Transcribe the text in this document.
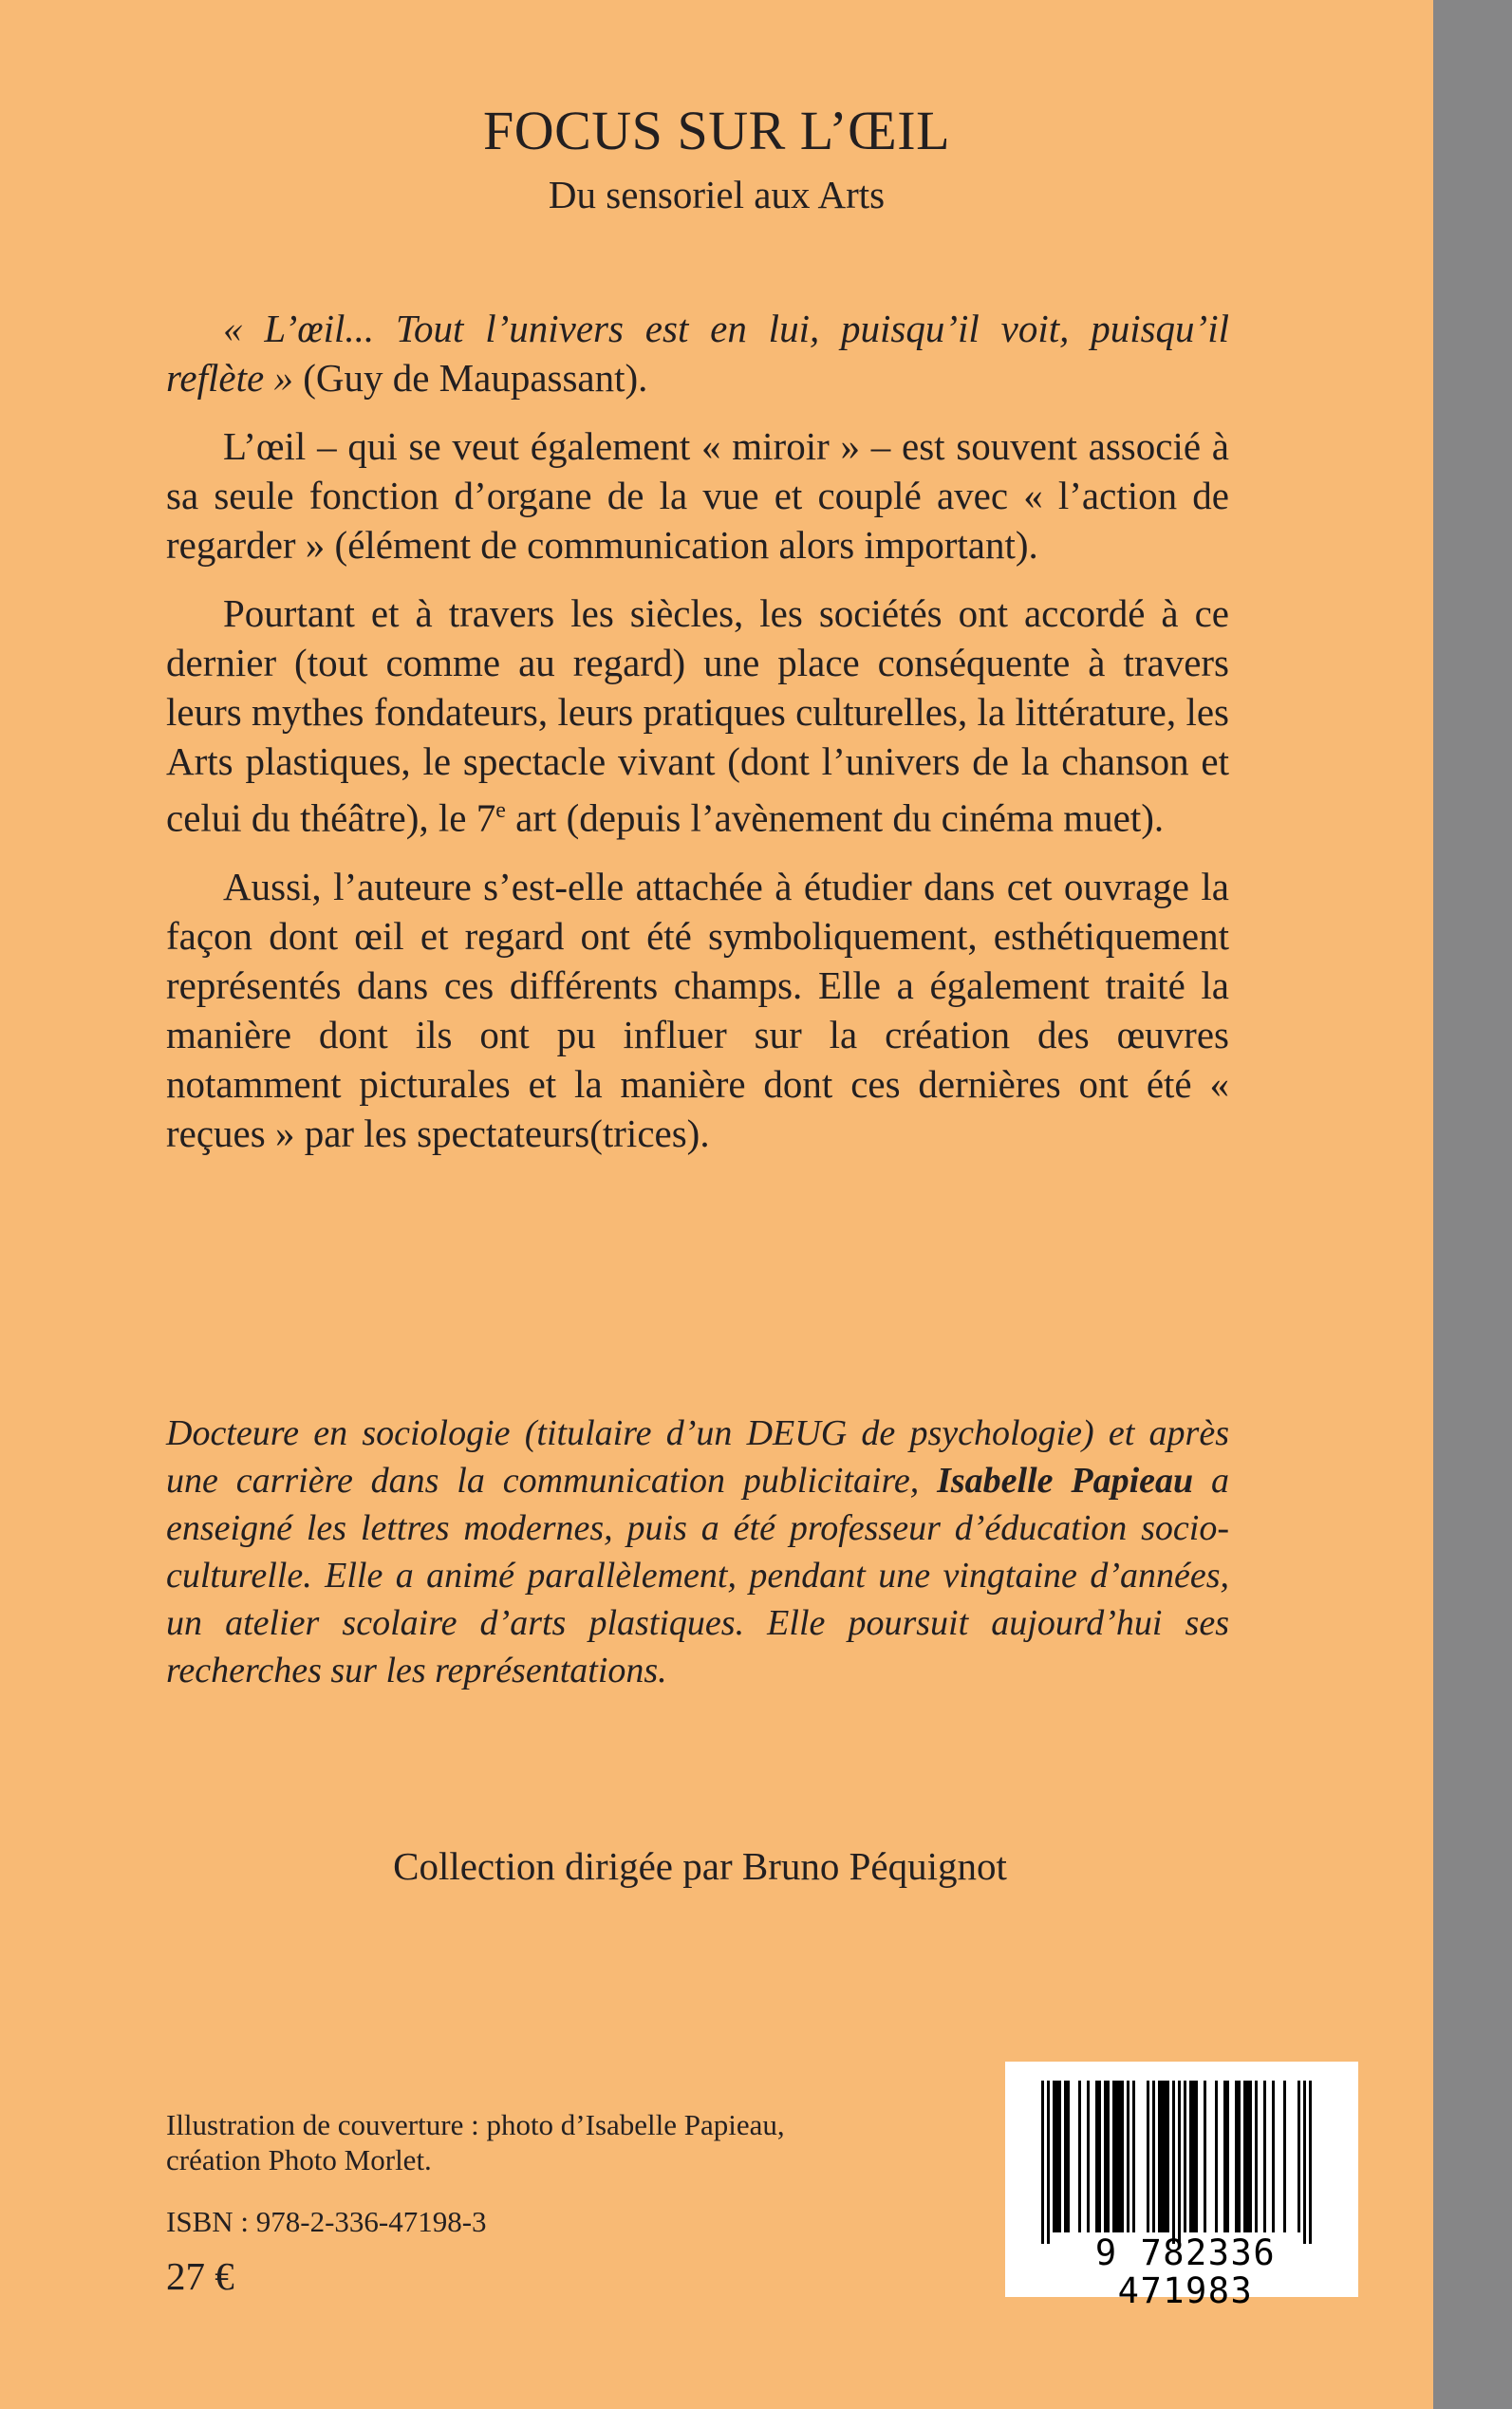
FOCUS SUR L’ŒIL
Du sensoriel aux Arts

« L’œil... Tout l’univers est en lui, puisqu’il voit, puisqu’il reflète » (Guy de Maupassant).

L’œil – qui se veut également « miroir » – est souvent associé à sa seule fonction d’organe de la vue et couplé avec « l’action de regarder » (élément de communication alors important).

Pourtant et à travers les siècles, les sociétés ont accordé à ce dernier (tout comme au regard) une place conséquente à travers leurs mythes fondateurs, leurs pratiques culturelles, la littérature, les Arts plastiques, le spectacle vivant (dont l’univers de la chanson et celui du théâtre), le 7e art (depuis l’avènement du cinéma muet).

Aussi, l’auteure s’est-elle attachée à étudier dans cet ouvrage la façon dont œil et regard ont été symboliquement, esthétiquement représentés dans ces différents champs. Elle a également traité la manière dont ils ont pu influer sur la création des œuvres notamment picturales et la manière dont ces dernières ont été « reçues » par les spectateurs(trices).

Docteure en sociologie (titulaire d’un DEUG de psychologie) et après une carrière dans la communication publicitaire, Isabelle Papieau a enseigné les lettres modernes, puis a été professeur d’éducation socio-culturelle. Elle a animé parallèlement, pendant une vingtaine d’années, un atelier scolaire d’arts plastiques. Elle poursuit aujourd’hui ses recherches sur les représentations.
Collection dirigée par Bruno Péquignot
Illustration de couverture : photo d’Isabelle Papieau,
création Photo Morlet.
ISBN : 978-2-336-47198-3
27 €
9 782336 471983
